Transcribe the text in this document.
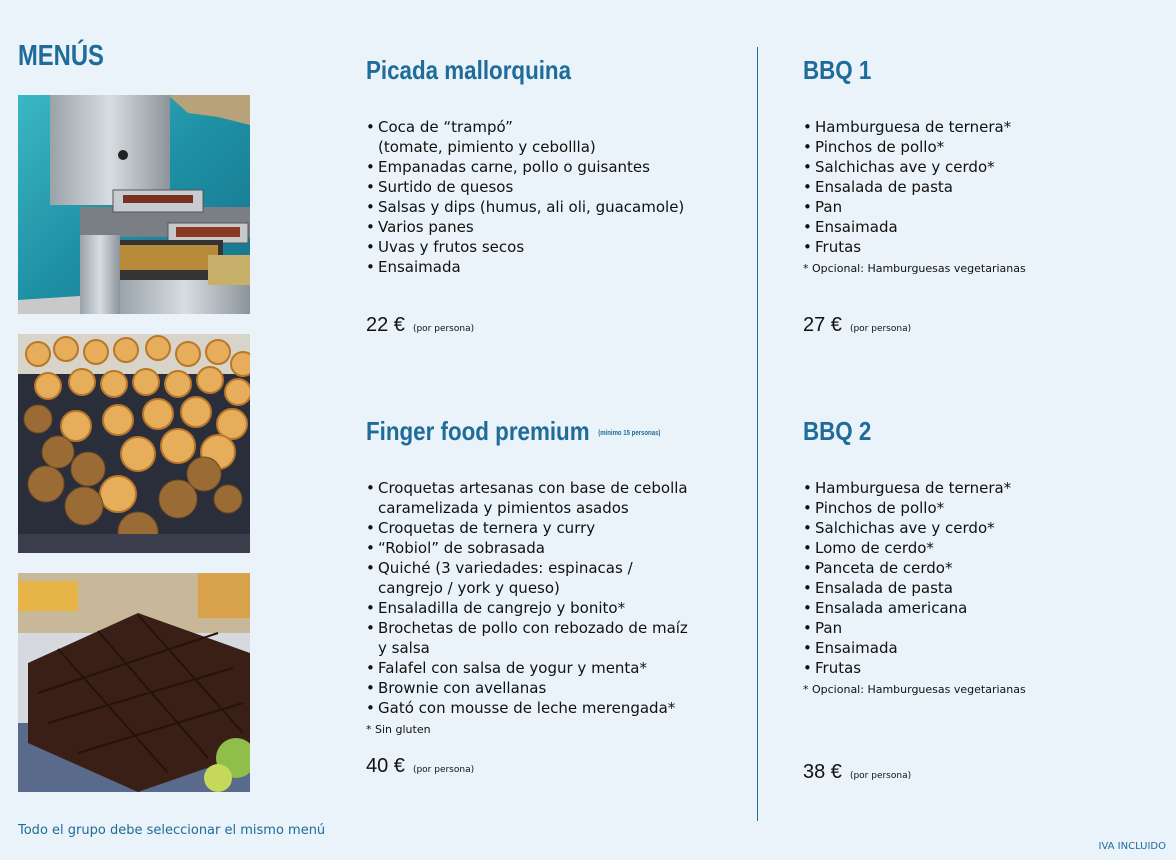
MENÚS	Picada mallorquina
• Coca de “trampó”
(tomate, pimiento y cebollla)
• Empanadas carne, pollo o guisantes
• Surtido de quesos
• Salsas y dips (humus, ali oli, guacamole)
• Varios panes
• Uvas y frutos secos
• Ensaimada
22 € (por persona)
Finger food premium (mínimo 15 personas)
• Croquetas artesanas con base de cebolla
caramelizada y pimientos asados
• Croquetas de ternera y curry
• “Robiol” de sobrasada
• Quiché (3 variedades: espinacas /
cangrejo / york y queso)
• Ensaladilla de cangrejo y bonito*
• Brochetas de pollo con rebozado de maíz
y salsa
• Falafel con salsa de yogur y menta*
• Brownie con avellanas
• Gató con mousse de leche merengada*
* Sin gluten
40 € (por persona)
BBQ 1
• Hamburguesa de ternera*
• Pinchos de pollo*
• Salchichas ave y cerdo*
• Ensalada de pasta
• Pan
• Ensaimada
• Frutas
* Opcional: Hamburguesas vegetarianas
27 € (por persona)
BBQ 2
• Hamburguesa de ternera*
• Pinchos de pollo*
• Salchichas ave y cerdo*
• Lomo de cerdo*
• Panceta de cerdo*
• Ensalada de pasta
• Ensalada americana
• Pan
• Ensaimada
• Frutas
* Opcional: Hamburguesas vegetarianas
38 € (por persona)
Todo el grupo debe seleccionar el mismo menú
IVA INCLUIDO
